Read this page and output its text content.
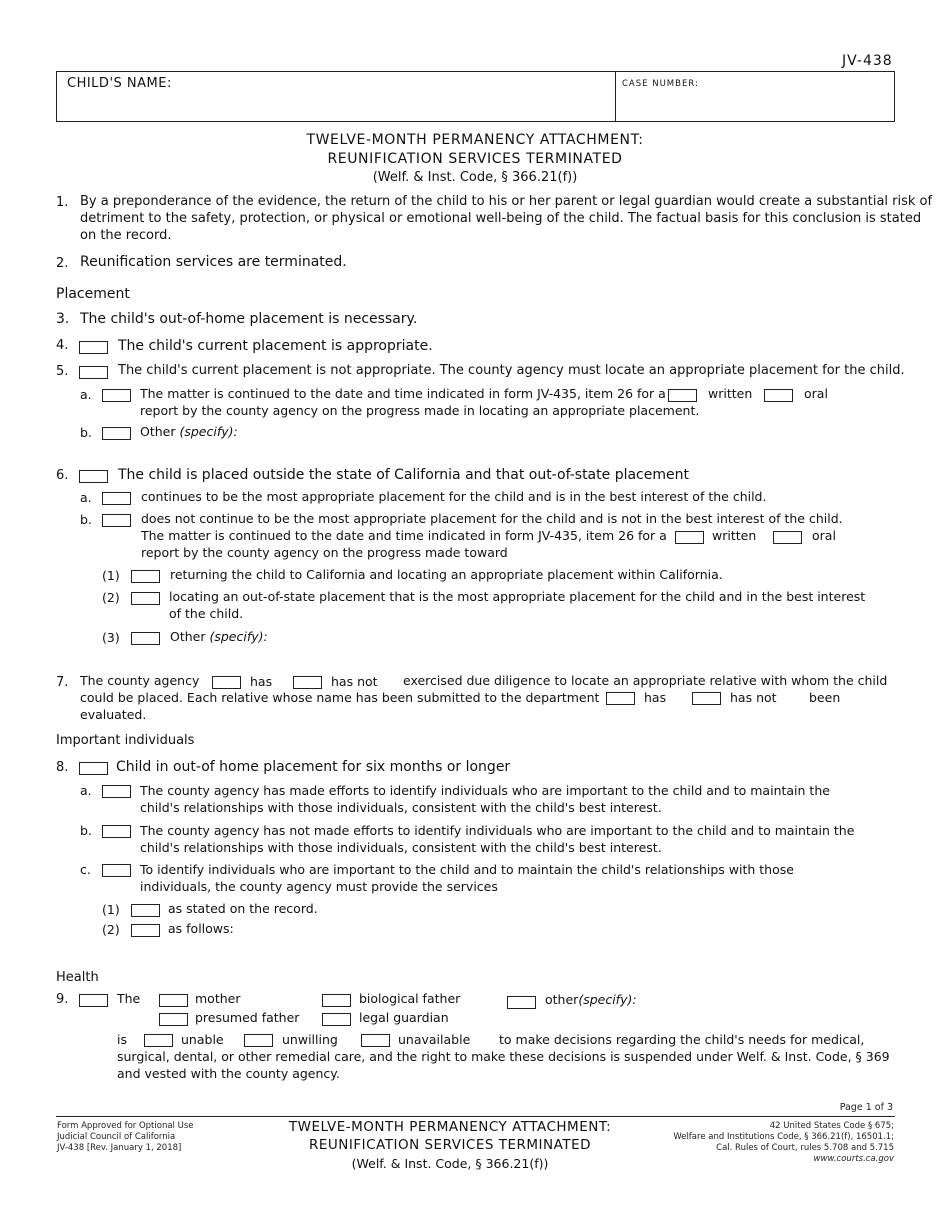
JV-438
CHILD'S NAME:	CASE NUMBER:
TWELVE-MONTH PERMANENCY ATTACHMENT:
REUNIFICATION SERVICES TERMINATED
(Welf. & Inst. Code, § 366.21(f))
1. By a preponderance of the evidence, the return of the child to his or her parent or legal guardian would create a substantial risk of
detriment to the safety, protection, or physical or emotional well-being of the child. The factual basis for this conclusion is stated
on the record.
2. Reunification services are terminated.
Placement
3. The child's out-of-home placement is necessary.
4.	The child's current placement is appropriate.
5.	The child's current placement is not appropriate. The county agency must locate an appropriate placement for the child.
a.	The matter is continued to the date and time indicated in form JV-435, item 26 for a	written	oral
report by the county agency on the progress made in locating an appropriate placement.
b.	Other (specify):
6.	The child is placed outside the state of California and that out-of-state placement
a.	continues to be the most appropriate placement for the child and is in the best interest of the child.
b.	does not continue to be the most appropriate placement for the child and is not in the best interest of the child.
The matter is continued to the date and time indicated in form JV-435, item 26 for a	written	oral
report by the county agency on the progress made toward
(1)	returning the child to California and locating an appropriate placement within California.
(2)	locating an out-of-state placement that is the most appropriate placement for the child and in the best interest
of the child.
(3)	Other (specify):
7. The county agency	has	has not exercised due diligence to locate an appropriate relative with whom the child
could be placed. Each relative whose name has been submitted to the department	has	has not	been
evaluated.
Important individuals
8.	Child in out-of home placement for six months or longer
a.	The county agency has made efforts to identify individuals who are important to the child and to maintain the
child's relationships with those individuals, consistent with the child's best interest.
b.	The county agency has not made efforts to identify individuals who are important to the child and to maintain the
child's relationships with those individuals, consistent with the child's best interest.
c.	To identify individuals who are important to the child and to maintain the child's relationships with those
individuals, the county agency must provide the services
(1)	as stated on the record.
(2)	as follows:
Health
9.	The	mother	biological father	other(specify):
presumed father	legal guardian
is	unable	unwilling	unavailable to make decisions regarding the child's needs for medical,
surgical, dental, or other remedial care, and the right to make these decisions is suspended under Welf. & Inst. Code, § 369
and vested with the county agency.
Page 1 of 3
Form Approved for Optional Use
Judicial Council of California
JV-438 [Rev. January 1, 2018]
TWELVE-MONTH PERMANENCY ATTACHMENT:
REUNIFICATION SERVICES TERMINATED
(Welf. & Inst. Code, § 366.21(f))
42 United States Code § 675;
Welfare and Institutions Code, § 366.21(f), 16501.1;
Cal. Rules of Court, rules 5.708 and 5.715
www.courts.ca.gov
